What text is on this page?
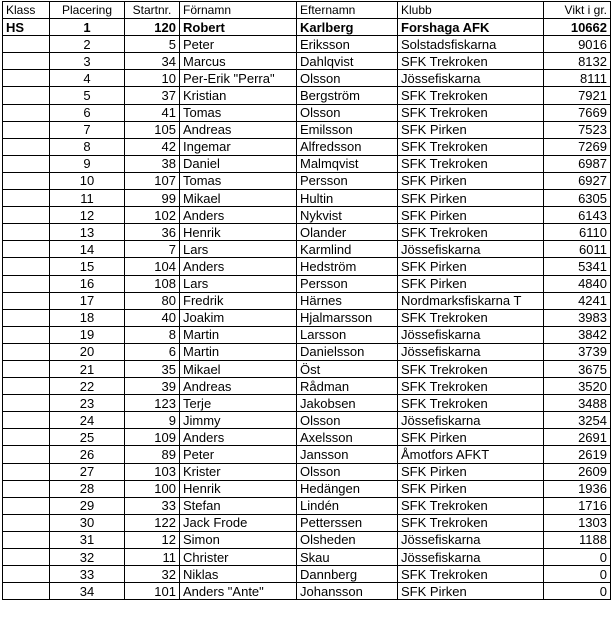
Klass	Placering	Startnr.	Förnamn	Efternamn	Klubb	Vikt i gr.
HS	1	120	Robert	Karlberg	Forshaga AFK	10662
	2	5	Peter	Eriksson	Solstadsfiskarna	9016
	3	34	Marcus	Dahlqvist	SFK Trekroken	8132
	4	10	Per-Erik "Perra"	Olsson	Jössefiskarna	8111
	5	37	Kristian	Bergström	SFK Trekroken	7921
	6	41	Tomas	Olsson	SFK Trekroken	7669
	7	105	Andreas	Emilsson	SFK Pirken	7523
	8	42	Ingemar	Alfredsson	SFK Trekroken	7269
	9	38	Daniel	Malmqvist	SFK Trekroken	6987
	10	107	Tomas	Persson	SFK Pirken	6927
	11	99	Mikael	Hultin	SFK Pirken	6305
	12	102	Anders	Nykvist	SFK Pirken	6143
	13	36	Henrik	Olander	SFK Trekroken	6110
	14	7	Lars	Karmlind	Jössefiskarna	6011
	15	104	Anders	Hedström	SFK Pirken	5341
	16	108	Lars	Persson	SFK Pirken	4840
	17	80	Fredrik	Härnes	Nordmarksfiskarna T	4241
	18	40	Joakim	Hjalmarsson	SFK Trekroken	3983
	19	8	Martin	Larsson	Jössefiskarna	3842
	20	6	Martin	Danielsson	Jössefiskarna	3739
	21	35	Mikael	Öst	SFK Trekroken	3675
	22	39	Andreas	Rådman	SFK Trekroken	3520
	23	123	Terje	Jakobsen	SFK Trekroken	3488
	24	9	Jimmy	Olsson	Jössefiskarna	3254
	25	109	Anders	Axelsson	SFK Pirken	2691
	26	89	Peter	Jansson	Åmotfors AFKT	2619
	27	103	Krister	Olsson	SFK Pirken	2609
	28	100	Henrik	Hedängen	SFK Pirken	1936
	29	33	Stefan	Lindén	SFK Trekroken	1716
	30	122	Jack Frode	Petterssen	SFK Trekroken	1303
	31	12	Simon	Olsheden	Jössefiskarna	1188
	32	11	Christer	Skau	Jössefiskarna	0
	33	32	Niklas	Dannberg	SFK Trekroken	0
	34	101	Anders "Ante"	Johansson	SFK Pirken	0
